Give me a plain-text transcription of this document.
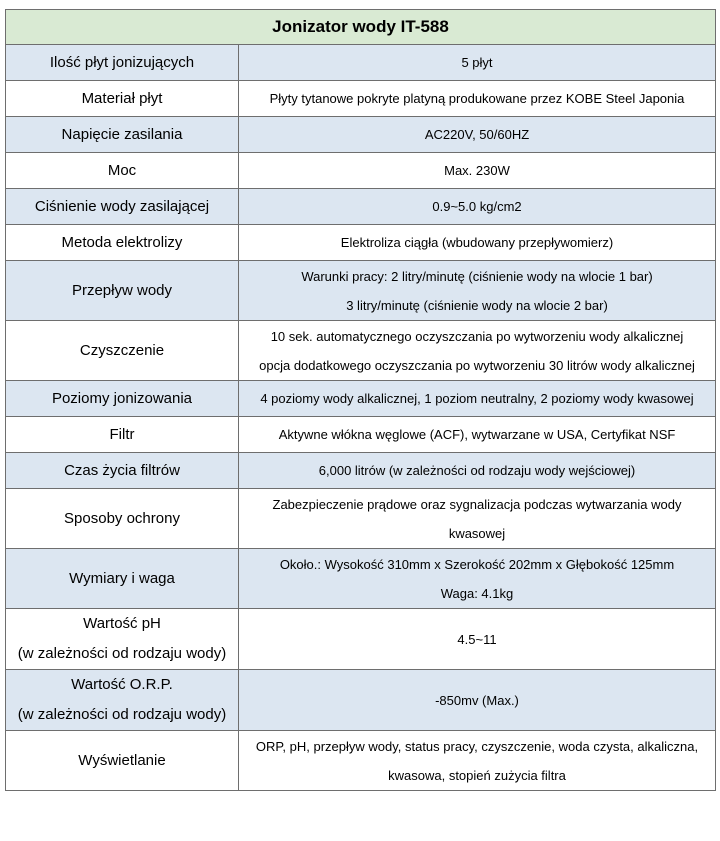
Jonizator wody IT-588	

Ilość płyt jonizujących	5 płyt

Materiał płyt	Płyty tytanowe pokryte platyną produkowane przez KOBE Steel Japonia

Napięcie zasilania	AC220V, 50/60HZ

Moc	Max. 230W

Ciśnienie wody zasilającej	0.9~5.0 kg/cm2

Metoda elektrolizy	Elektroliza ciągła (wbudowany przepływomierz)

Przepływ wody	Warunki pracy: 2 litry/minutę (ciśnienie wody na wlocie 1 bar)
3 litry/minutę (ciśnienie wody na wlocie 2 bar)

Czyszczenie	10 sek. automatycznego oczyszczania po wytworzeniu wody alkalicznej
opcja dodatkowego oczyszczania po wytworzeniu 30 litrów wody alkalicznej

Poziomy jonizowania	4 poziomy wody alkalicznej, 1 poziom neutralny, 2 poziomy wody kwasowej

Filtr	Aktywne włókna węglowe (ACF), wytwarzane w USA, Certyfikat NSF

Czas życia filtrów	6,000 litrów (w zależności od rodzaju wody wejściowej)

Sposoby ochrony	Zabezpieczenie prądowe oraz sygnalizacja podczas wytwarzania wody
kwasowej

Wymiary i waga	Około.: Wysokość 310mm x Szerokość 202mm x Głębokość 125mm
Waga: 4.1kg

Wartość pH
(w zależności od rodzaju wody)	4.5~11

Wartość O.R.P.
(w zależności od rodzaju wody)	-850mv (Max.)

Wyświetlanie	ORP, pH, przepływ wody, status pracy, czyszczenie, woda czysta, alkaliczna,
kwasowa, stopień zużycia filtra
